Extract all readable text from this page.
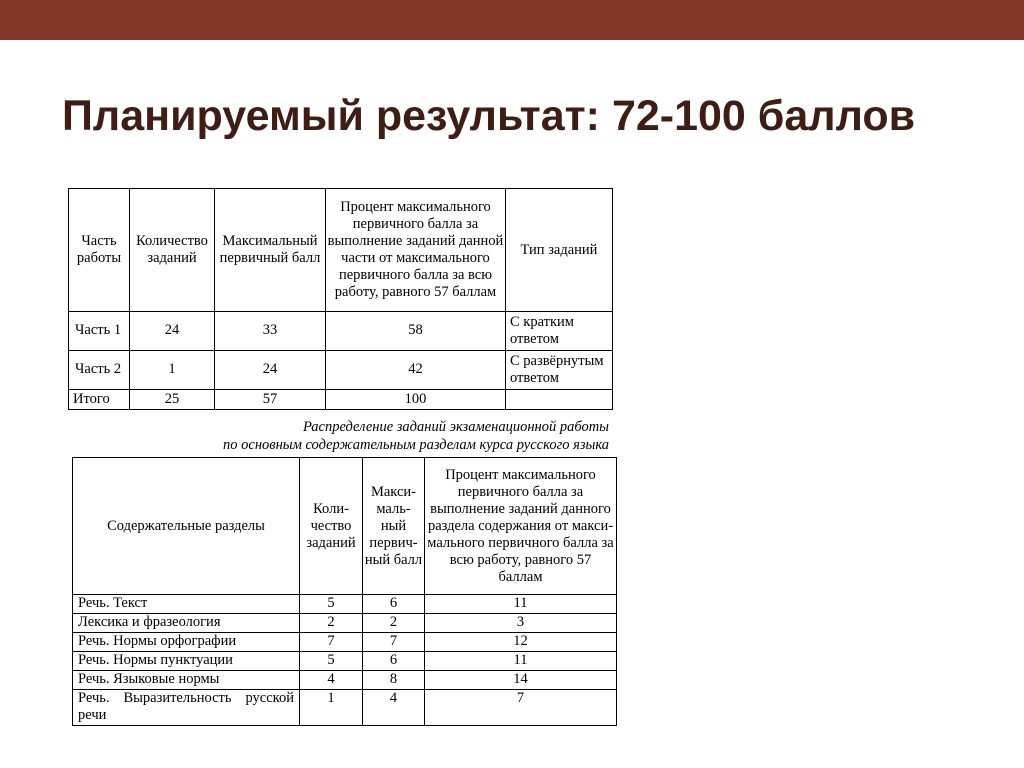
Планируемый результат: 72-100 баллов
Часть работы	Количество заданий	Максимальный первичный балл	Процент максимального первичного балла за выполнение заданий данной части от максимального первичного балла за всю работу, равного 57 баллам	Тип заданий
Часть 1	24	33	58	С кратким ответом
Часть 2	1	24	42	С развёрнутым ответом
Итого	25	57	100	
Распределение заданий экзаменационной работы
по основным содержательным разделам курса русского языка
Содержательные разделы	Коли-чество заданий	Макси-маль-ный первич-ный балл	Процент максимального первичного балла за выполнение заданий данного раздела содержания от макси-мального первичного балла за всю работу, равного 57 баллам
Речь. Текст	5	6	11
Лексика и фразеология	2	2	3
Речь. Нормы орфографии	7	7	12
Речь. Нормы пунктуации	5	6	11
Речь. Языковые нормы	4	8	14
Речь. Выразительность русской речи	1	4	7
